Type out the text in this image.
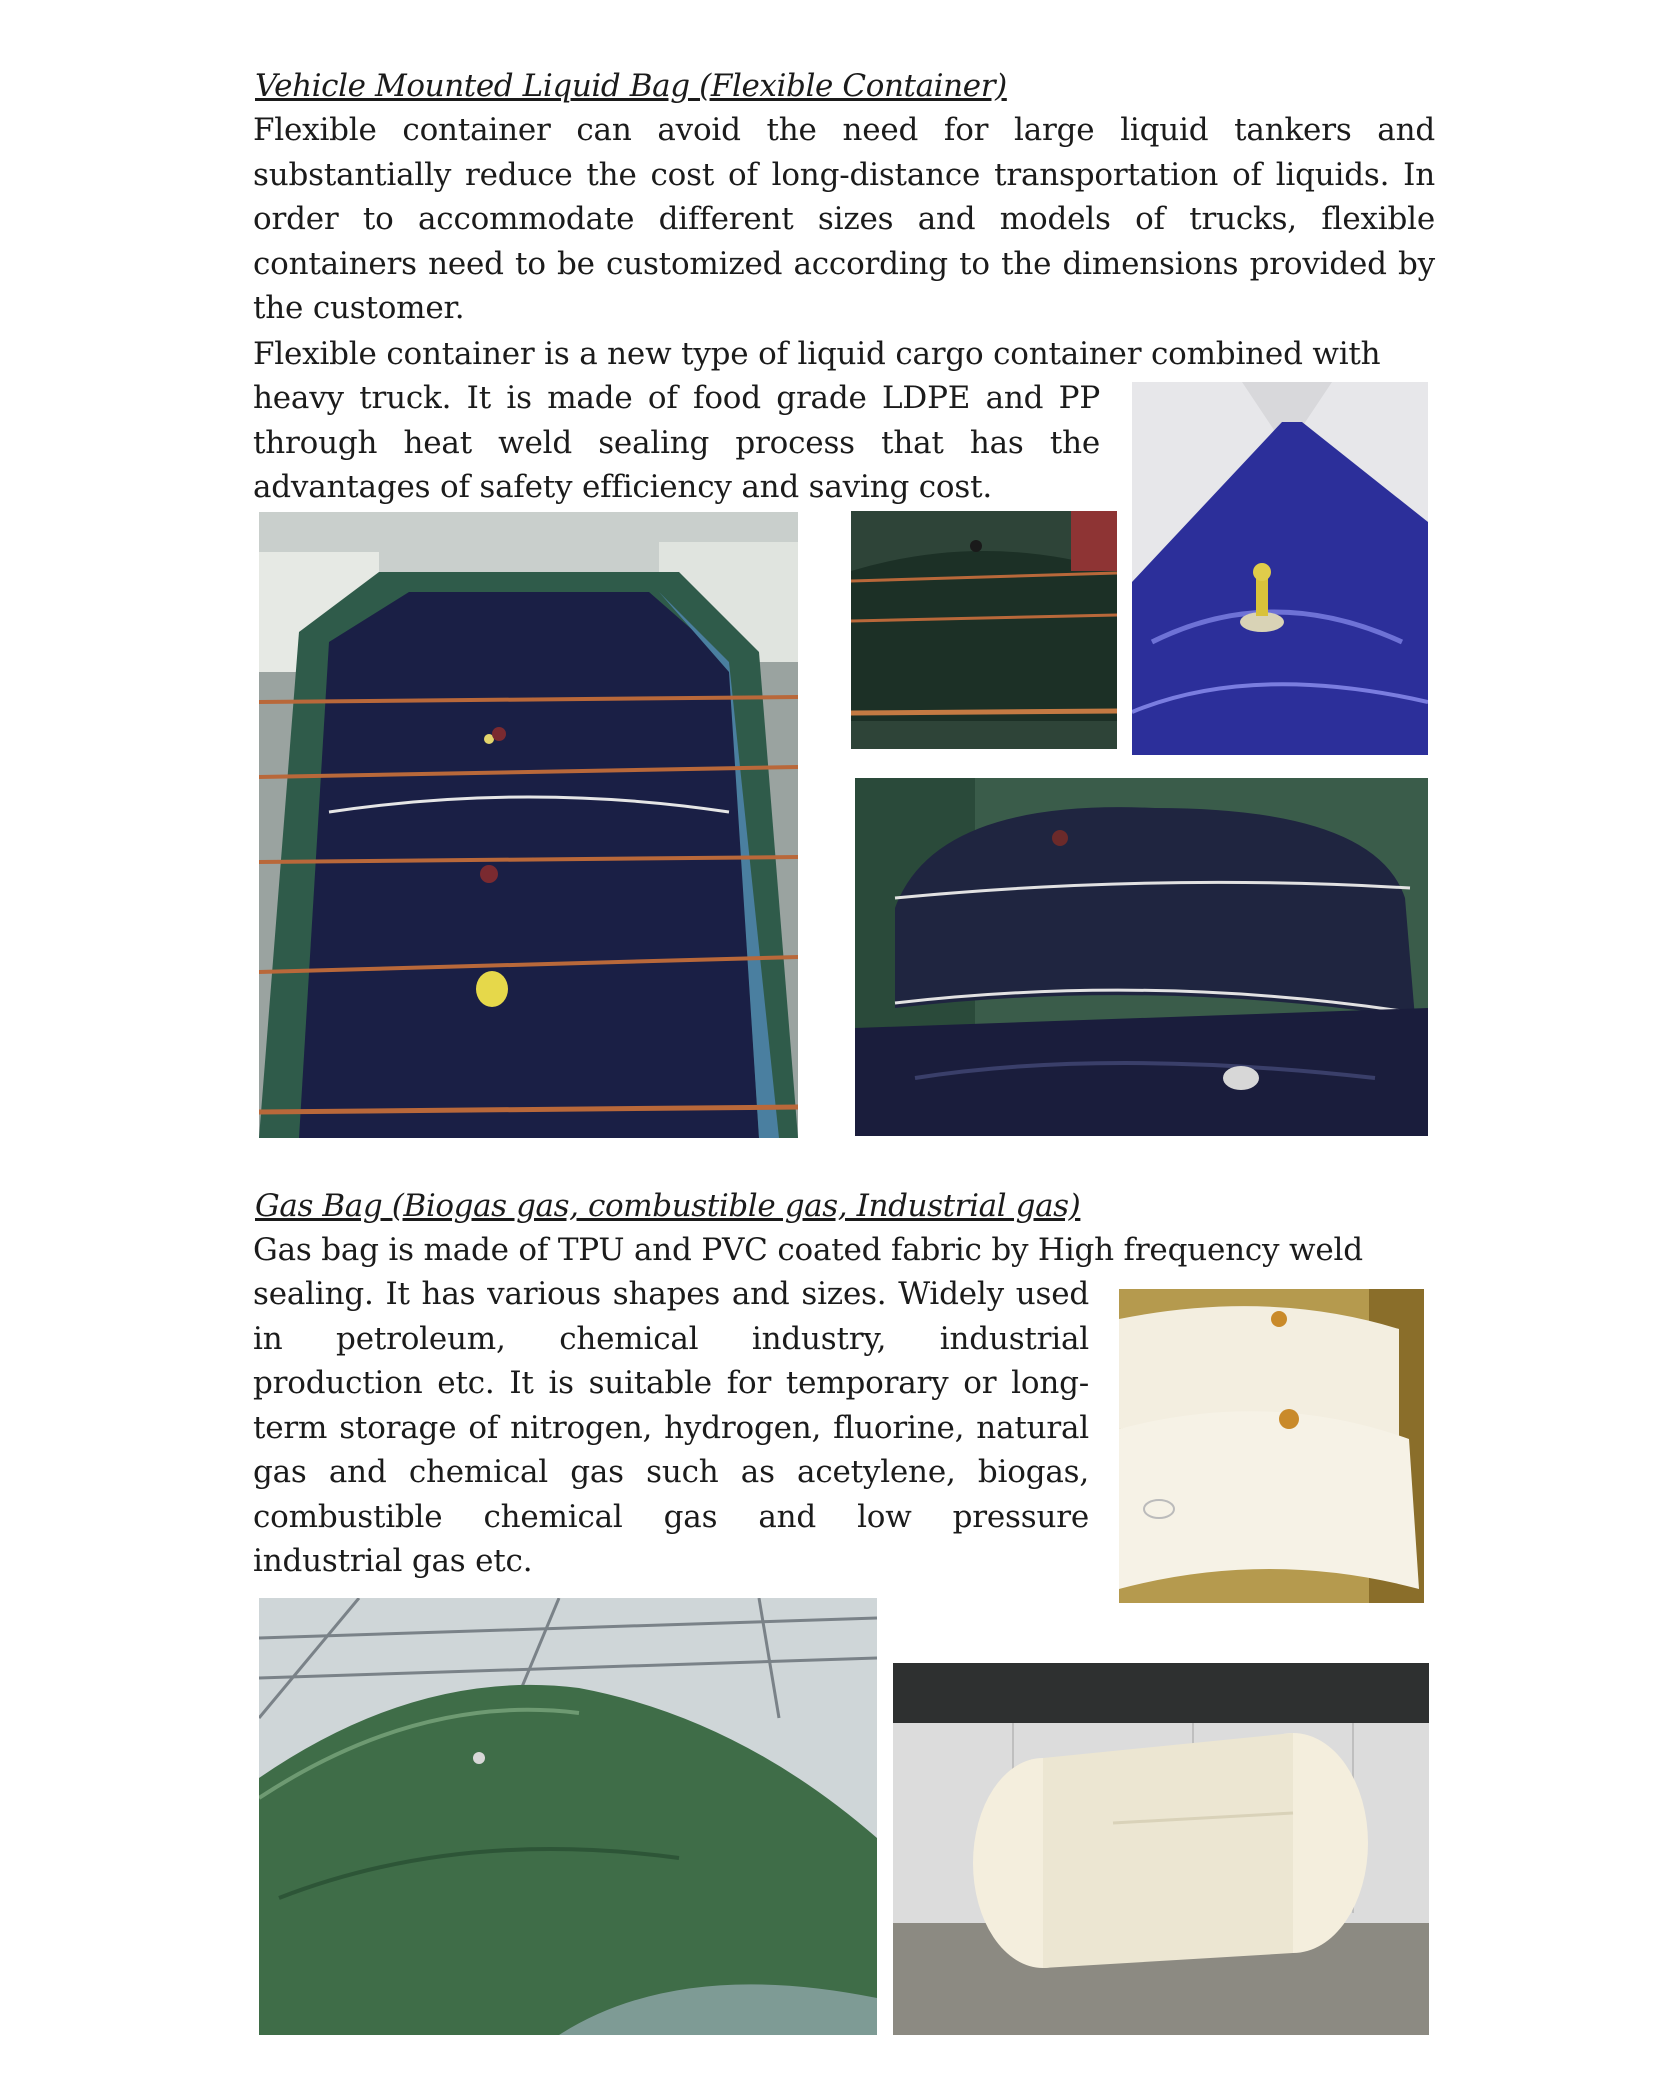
Vehicle Mounted Liquid Bag (Flexible Container)
Flexible container can avoid the need for large liquid tankers and substantially reduce the cost of long-distance transportation of liquids. In order to accommodate different sizes and models of trucks, flexible containers need to be customized according to the dimensions provided by the customer.
Flexible container is a new type of liquid cargo container combined with
heavy truck. It is made of food grade LDPE and PP through heat weld sealing process that has the advantages of safety efficiency and saving cost.
Gas Bag (Biogas gas, combustible gas, Industrial gas)
Gas bag is made of TPU and PVC coated fabric by High frequency weld
sealing. It has various shapes and sizes. Widely used in petroleum, chemical industry, industrial production etc. It is suitable for temporary or long-term storage of nitrogen, hydrogen, fluorine, natural gas and chemical gas such as acetylene, biogas, combustible chemical gas and low pressure industrial gas etc.
